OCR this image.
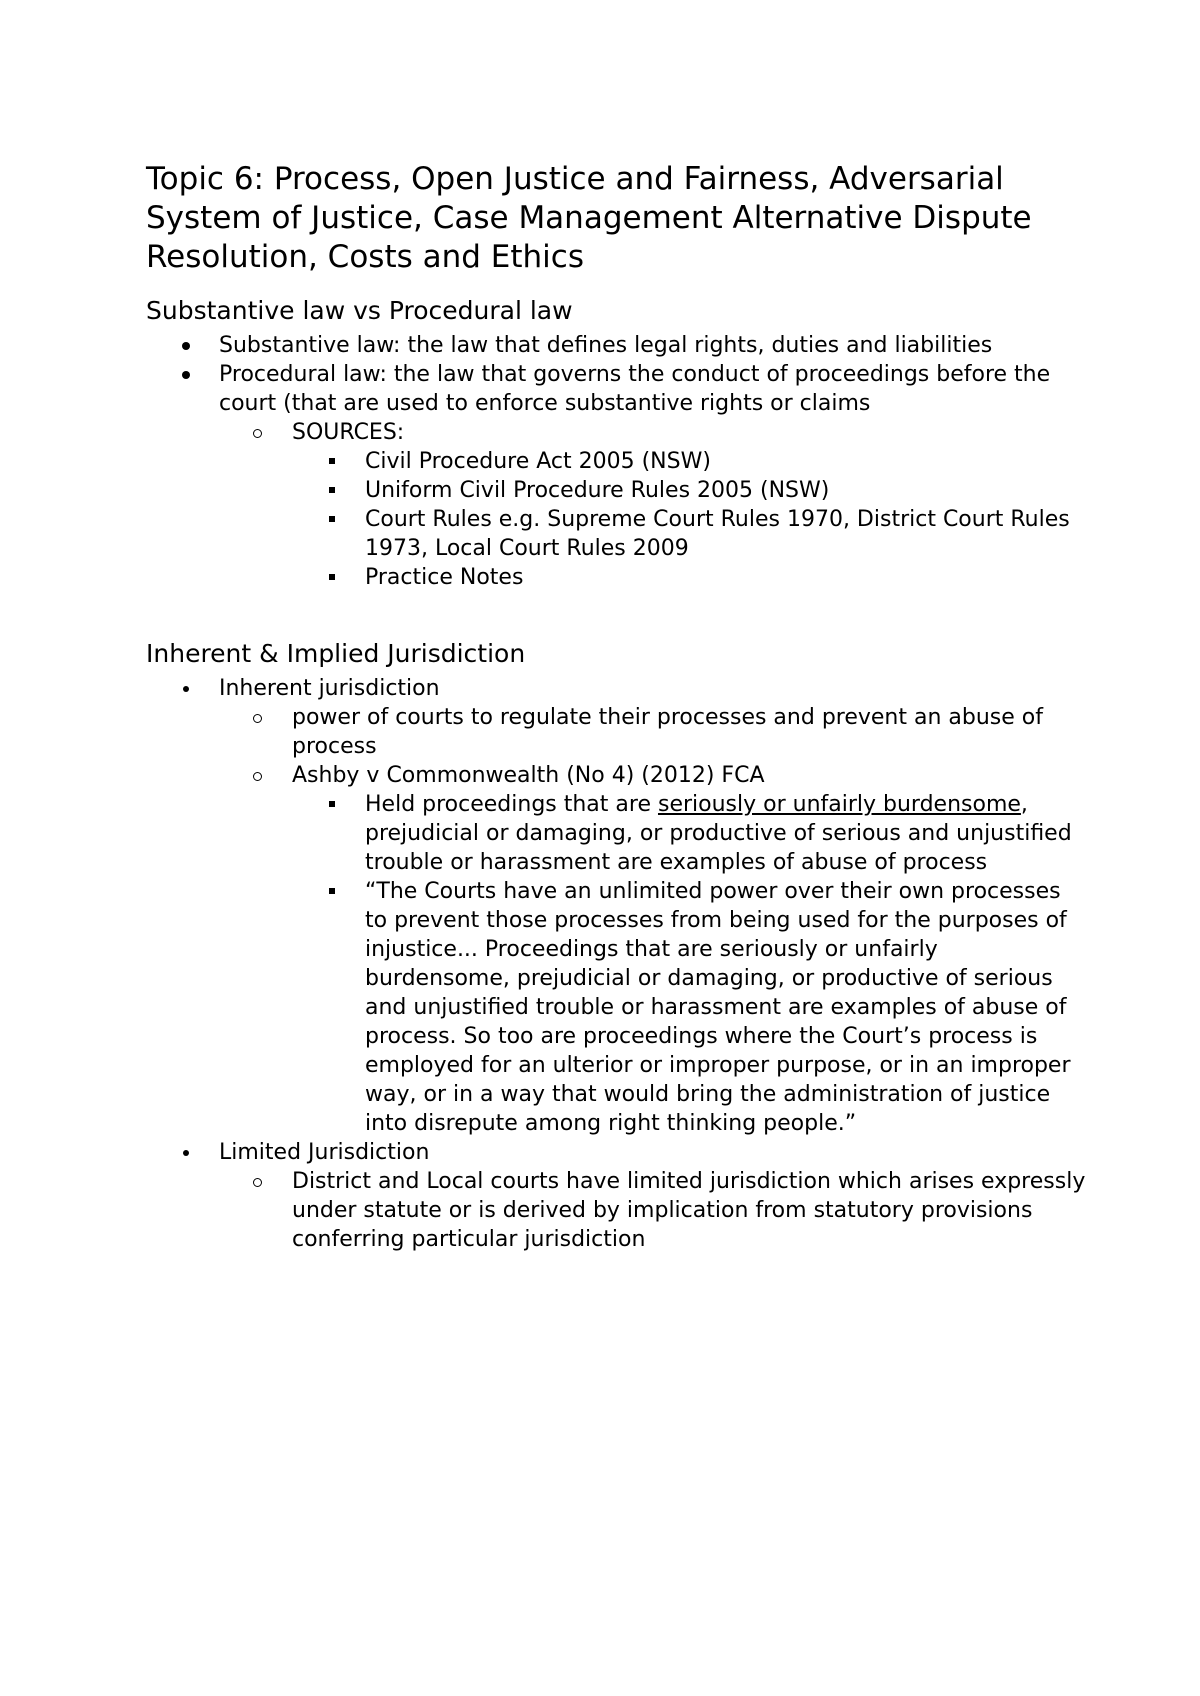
Topic 6: Process, Open Justice and Fairness, Adversarial System of Justice, Case Management Alternative Dispute Resolution, Costs and Ethics
Substantive law vs Procedural law
Substantive law: the law that defines legal rights, duties and liabilities
Procedural law: the law that governs the conduct of proceedings before the court (that are used to enforce substantive rights or claims
SOURCES:
Civil Procedure Act 2005 (NSW)
Uniform Civil Procedure Rules 2005 (NSW)
Court Rules e.g. Supreme Court Rules 1970, District Court Rules 1973, Local Court Rules 2009
Practice Notes
Inherent & Implied Jurisdiction
Inherent jurisdiction
power of courts to regulate their processes and prevent an abuse of process
Ashby v Commonwealth (No 4) (2012) FCA
Held proceedings that are seriously or unfairly burdensome, prejudicial or damaging, or productive of serious and unjustified trouble or harassment are examples of abuse of process
“The Courts have an unlimited power over their own processes to prevent those processes from being used for the purposes of injustice... Proceedings that are seriously or unfairly burdensome, prejudicial or damaging, or productive of serious and unjustified trouble or harassment are examples of abuse of process. So too are proceedings where the Court’s process is employed for an ulterior or improper purpose, or in an improper way, or in a way that would bring the administration of justice into disrepute among right thinking people.”
Limited Jurisdiction
District and Local courts have limited jurisdiction which arises expressly under statute or is derived by implication from statutory provisions conferring particular jurisdiction
